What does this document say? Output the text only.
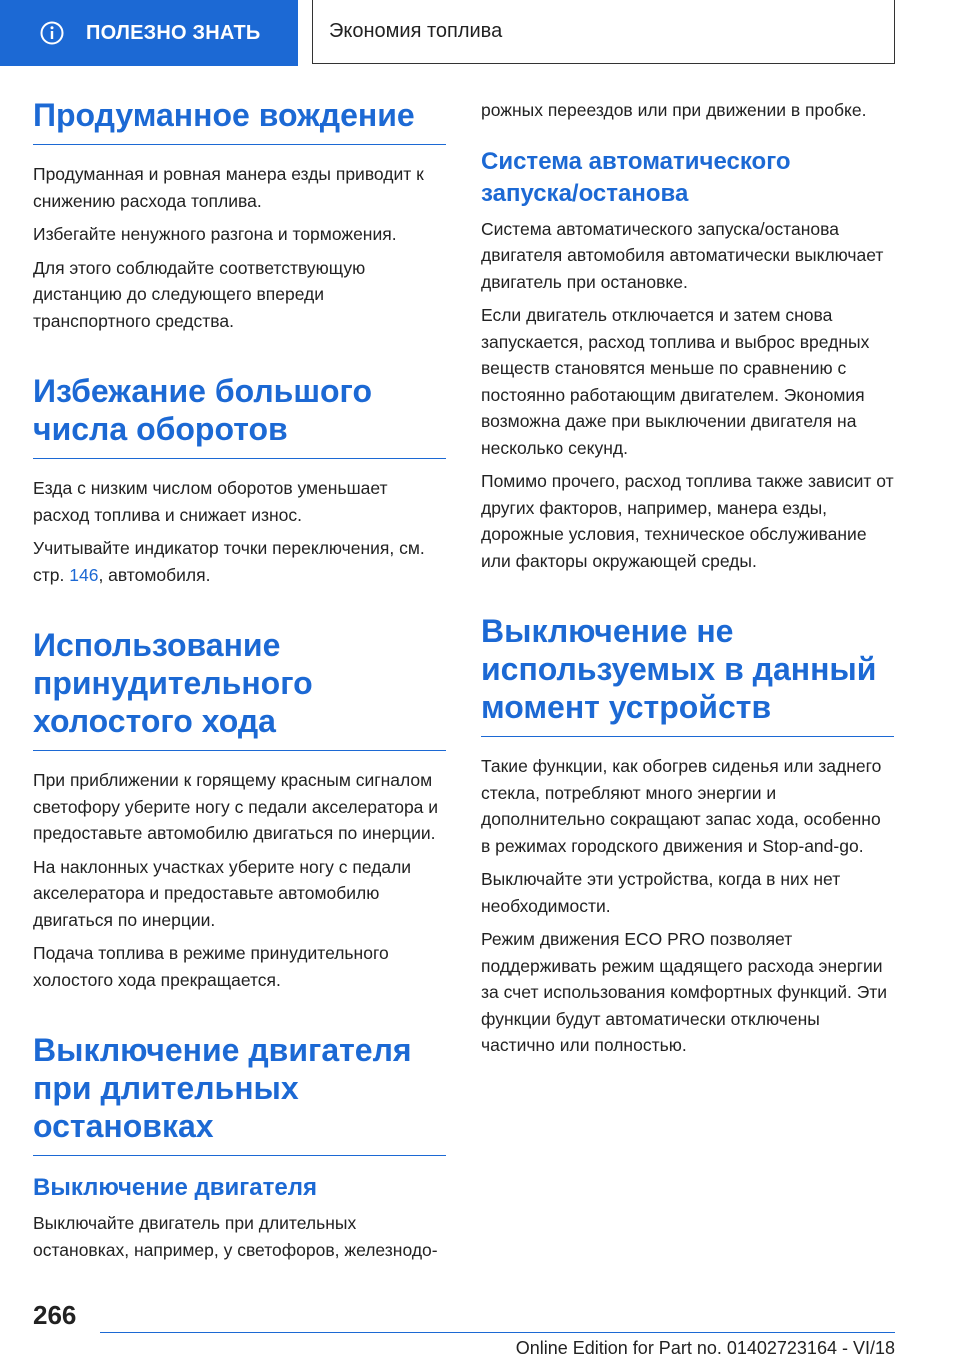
ПОЛЕЗНО ЗНАТЬ	Экономия топлива
Продуманное вождение

Продуманная и ровная манера езды приводит к снижению расхода топлива.

Избегайте ненужного разгона и торможения.

Для этого соблюдайте соответствующую дистанцию до следующего впереди транспортного средства.

Избежание большого числа оборотов

Езда с низким числом оборотов уменьшает расход топлива и снижает износ.

Учитывайте индикатор точки переключения, см. стр. 146, автомобиля.

Использование принудительного холостого хода

При приближении к горящему красным сигналом светофору уберите ногу с педали акселератора и предоставьте автомобилю двигаться по инерции.

На наклонных участках уберите ногу с педали акселератора и предоставьте автомобилю двигаться по инерции.

Подача топлива в режиме принудительного холостого хода прекращается.

Выключение двигателя при длительных остановках
Выключение двигателя

Выключайте двигатель при длительных остановках, например, у светофоров, железнодо-

рожных переездов или при движении в пробке.

Система автоматического запуска/останова

Система автоматического запуска/останова двигателя автомобиля автоматически выключает двигатель при остановке.

Если двигатель отключается и затем снова запускается, расход топлива и выброс вредных веществ становятся меньше по сравнению с постоянно работающим двигателем. Экономия возможна даже при выключении двигателя на несколько секунд.

Помимо прочего, расход топлива также зависит от других факторов, например, манера езды, дорожные условия, техническое обслуживание или факторы окружающей среды.

Выключение не используемых в данный момент устройств

Такие функции, как обогрев сиденья или заднего стекла, потребляют много энергии и дополнительно сокращают запас хода, особенно в режимах городского движения и Stop-and-go.

Выключайте эти устройства, когда в них нет необходимости.

Режим движения ECO PRO позволяет поддерживать режим щадящего расхода энергии за счет использования комфортных функций. Эти функции будут автоматически отключены частично или полностью.

266
Online Edition for Part no. 01402723164 - VI/18
